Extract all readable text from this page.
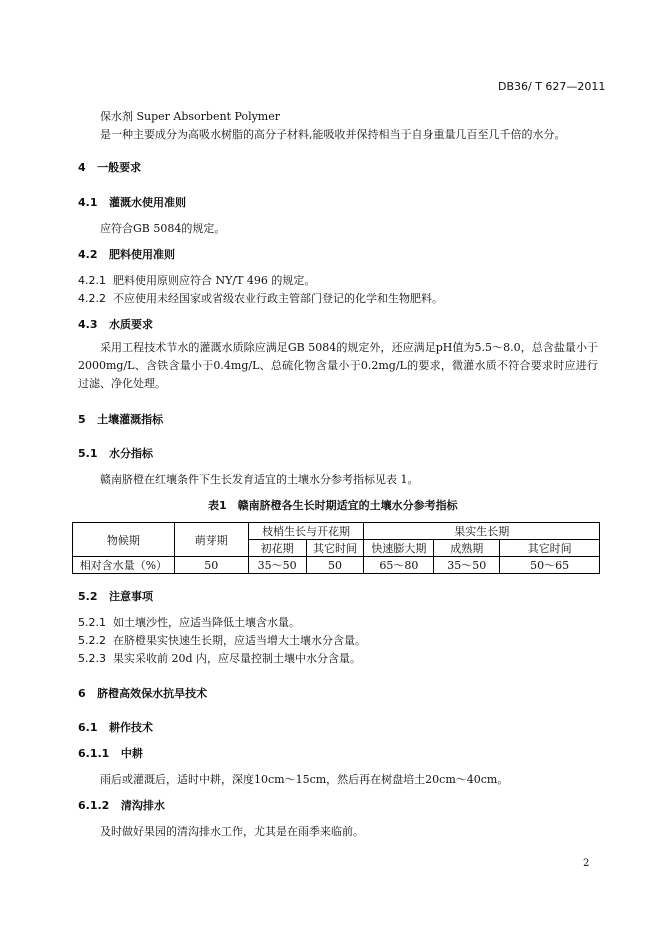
DB36/ T 627—2011
保水剂 Super Absorbent Polymer
是一种主要成分为高吸水树脂的高分子材料,能吸收并保持相当于自身重量几百至几千倍的水分。
4 一般要求
4.1 灌溉水使用准则
应符合GB 5084的规定。
4.2 肥料使用准则
4.2.1 肥料使用原则应符合 NY/T 496 的规定。
4.2.2 不应使用未经国家或省级农业行政主管部门登记的化学和生物肥料。
4.3 水质要求
采用工程技术节水的灌溉水质除应满足GB 5084的规定外，还应满足pH值为5.5～8.0，总含盐量小于2000mg/L、含铁含量小于0.4mg/L、总硫化物含量小于0.2mg/L的要求，微灌水质不符合要求时应进行过滤、净化处理。
5 土壤灌溉指标
5.1 水分指标
赣南脐橙在红壤条件下生长发育适宜的土壤水分参考指标见表 1。
表1　赣南脐橙各生长时期适宜的土壤水分参考指标
物候期	萌芽期	枝梢生长与开花期		果实生长期		
		初花期	其它时间	快速膨大期	成熟期	其它时间
相对含水量（%）	50	35～50	50	65～80	35～50	50～65
5.2 注意事项
5.2.1 如土壤沙性，应适当降低土壤含水量。
5.2.2 在脐橙果实快速生长期，应适当增大土壤水分含量。
5.2.3 果实采收前 20d 内，应尽量控制土壤中水分含量。
6 脐橙高效保水抗旱技术
6.1 耕作技术
6.1.1 中耕
雨后或灌溉后，适时中耕，深度10cm～15cm，然后再在树盘培土20cm～40cm。
6.1.2 清沟排水
及时做好果园的清沟排水工作，尤其是在雨季来临前。
2
